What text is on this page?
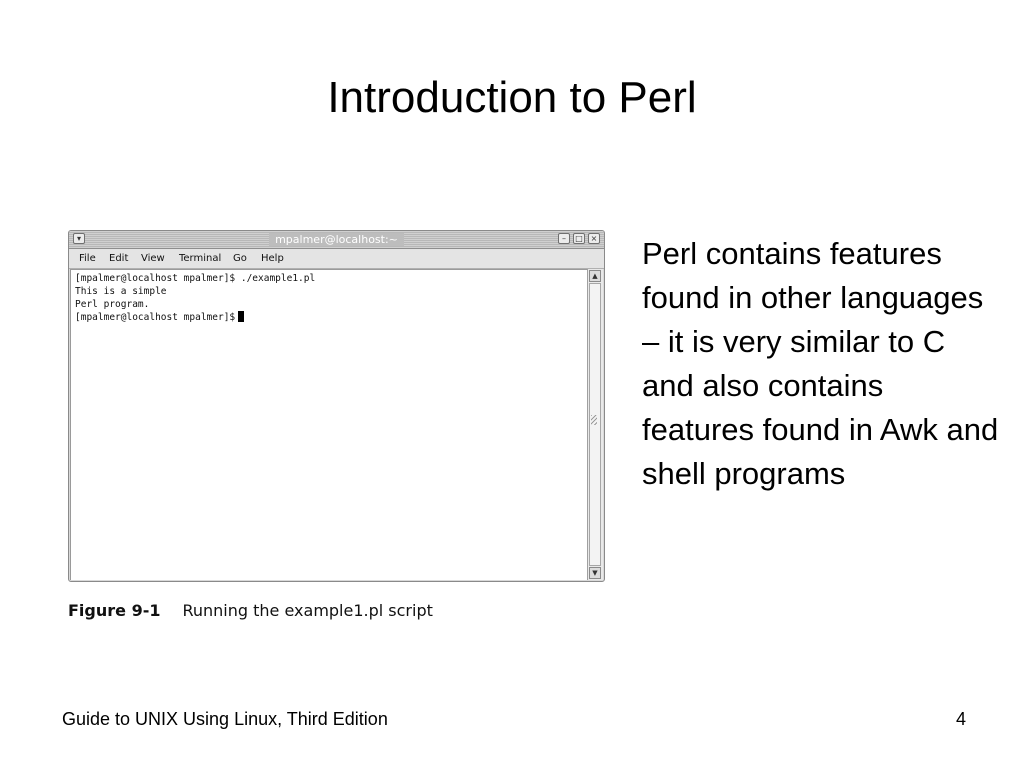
Introduction to Perl
▾	mpalmer@localhost:~	–	□ ×
File Edit View Terminal Go Help

[mpalmer@localhost mpalmer]$ ./example1.pl

This is a simple

Perl program.

[mpalmer@localhost mpalmer]$

▲
▼

Figure 9-1 Running the example1.pl script

Perl contains features found in other languages – it is very similar to C and also contains features found in Awk and shell programs

Guide to UNIX Using Linux, Third Edition	4
